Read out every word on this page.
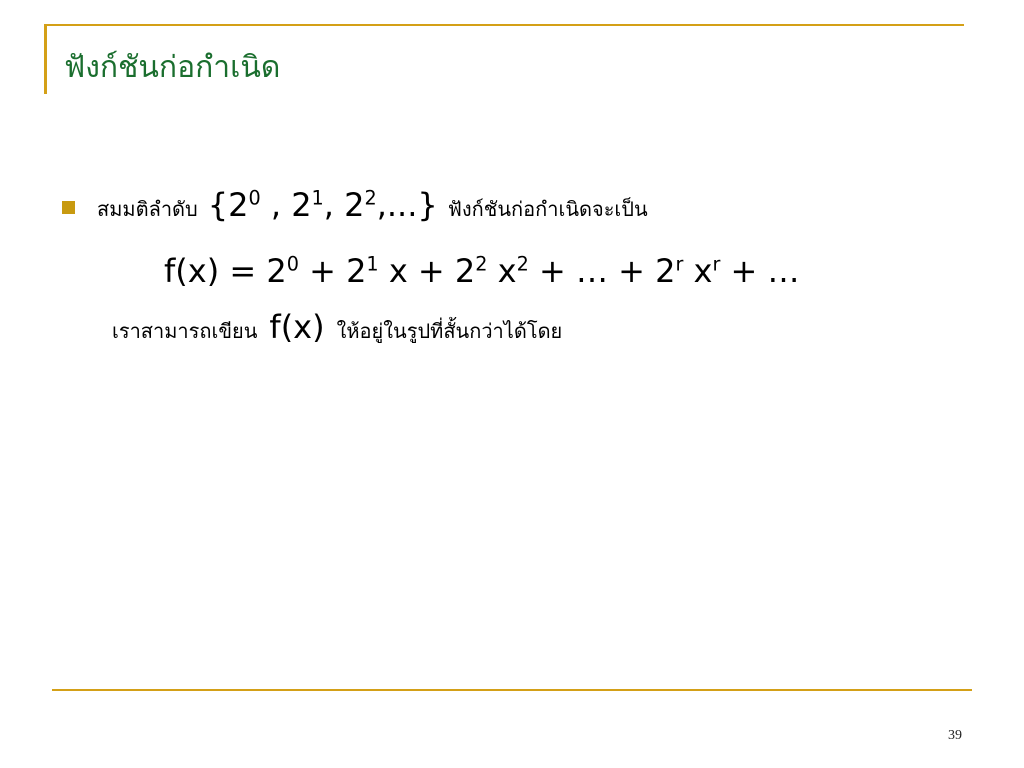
ฟังก์ชันก่อกำเนิด
สมมติลำดับ {$2^0$ , $2^1$, $2^2$,...} ฟังก์ชันก่อกำเนิดจะเป็น
$f(x) = 2^0 + 2^1$ $x + 2^2$ $x^2$ + … + $2^r$ $x^r$ + …
เราสามารถเขียน f(x) ให้อยู่ในรูปที่สั้นกว่าได้โดย
39
